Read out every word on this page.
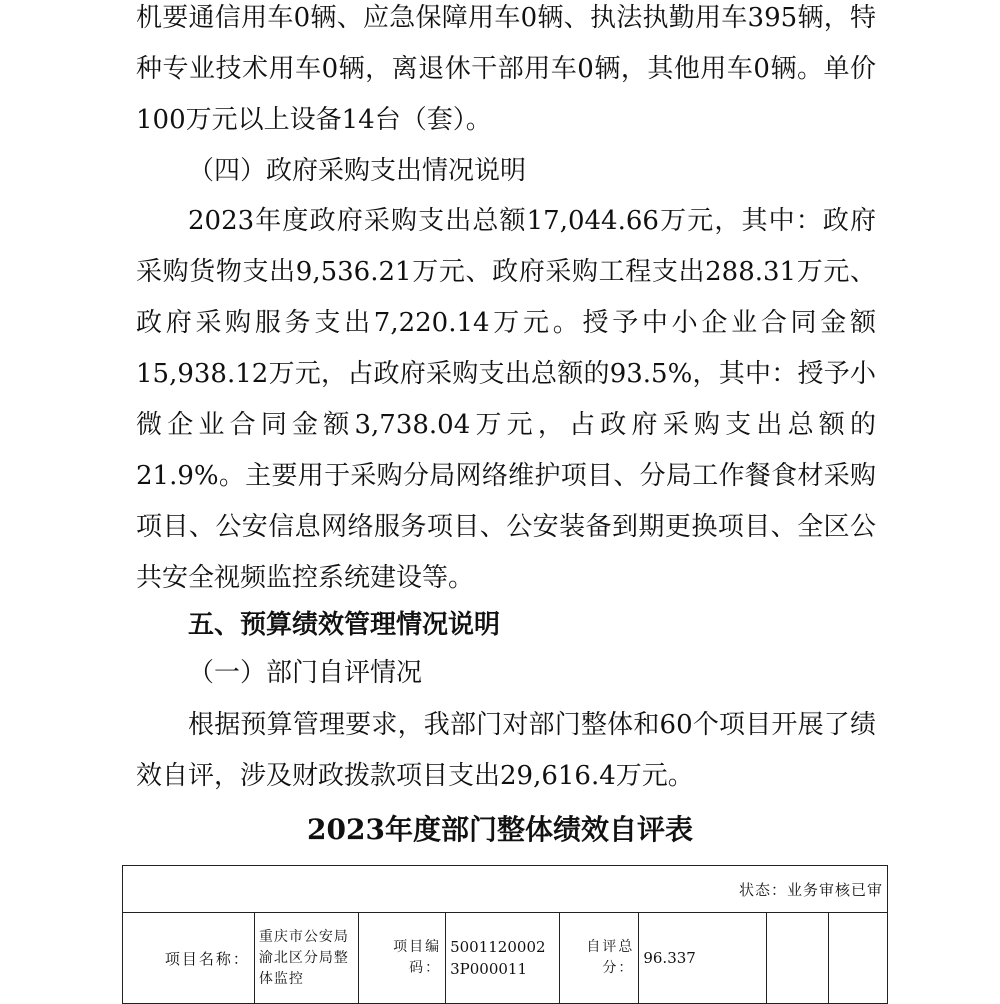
机要通信用车0辆、应急保障用车0辆、执法执勤用车395辆，特种专业技术用车0辆，离退休干部用车0辆，其他用车0辆。单价100万元以上设备14台（套）。
（四）政府采购支出情况说明
2023年度政府采购支出总额17,044.66万元，其中：政府采购货物支出9,536.21万元、政府采购工程支出288.31万元、政府采购服务支出7,220.14万元。授予中小企业合同金额15,938.12万元，占政府采购支出总额的93.5%，其中：授予小微企业合同金额3,738.04万元，占政府采购支出总额的21.9%。主要用于采购分局网络维护项目、分局工作餐食材采购项目、公安信息网络服务项目、公安装备到期更换项目、全区公共安全视频监控系统建设等。
五、预算绩效管理情况说明
（一）部门自评情况
根据预算管理要求，我部门对部门整体和60个项目开展了绩效自评，涉及财政拨款项目支出29,616.4万元。
2023年度部门整体绩效自评表
状态：业务审核已审
项目名称：	重庆市公安局渝北区分局整体监控	项目编码：	50011200023P000011	自评总分：	96.337		
